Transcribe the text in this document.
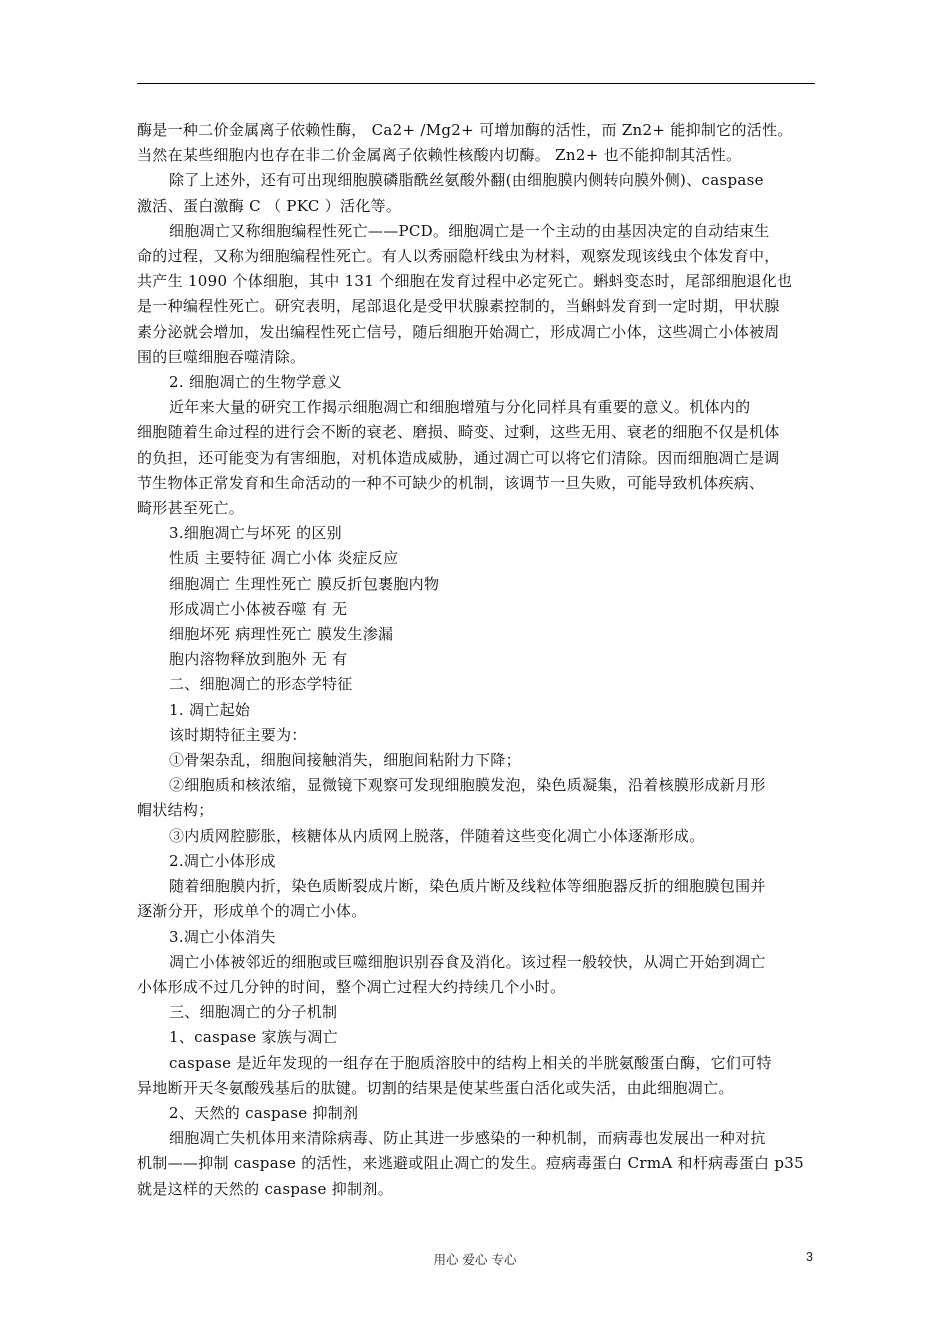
酶是一种二价金属离子依赖性酶， Ca2+ /Mg2+ 可增加酶的活性，而 Zn2+ 能抑制它的活性。
当然在某些细胞内也存在非二价金属离子依赖性核酸内切酶。 Zn2+ 也不能抑制其活性。
除了上述外，还有可出现细胞膜磷脂酰丝氨酸外翻(由细胞膜内侧转向膜外侧)、caspase
激活、蛋白激酶 C （ PKC ）活化等。
细胞凋亡又称细胞编程性死亡——PCD。细胞凋亡是一个主动的由基因决定的自动结束生
命的过程，又称为细胞编程性死亡。有人以秀丽隐杆线虫为材料，观察发现该线虫个体发育中，
共产生 1090 个体细胞，其中 131 个细胞在发育过程中必定死亡。蝌蚪变态时，尾部细胞退化也
是一种编程性死亡。研究表明，尾部退化是受甲状腺素控制的，当蝌蚪发育到一定时期，甲状腺
素分泌就会增加，发出编程性死亡信号，随后细胞开始凋亡，形成凋亡小体，这些凋亡小体被周
围的巨噬细胞吞噬清除。
2. 细胞凋亡的生物学意义
近年来大量的研究工作揭示细胞凋亡和细胞增殖与分化同样具有重要的意义。机体内的
细胞随着生命过程的进行会不断的衰老、磨损、畸变、过剩，这些无用、衰老的细胞不仅是机体
的负担，还可能变为有害细胞，对机体造成威胁，通过凋亡可以将它们清除。因而细胞凋亡是调
节生物体正常发育和生命活动的一种不可缺少的机制，该调节一旦失败，可能导致机体疾病、
畸形甚至死亡。
3.细胞凋亡与坏死 的区别
性质 主要特征 凋亡小体 炎症反应
细胞凋亡 生理性死亡 膜反折包裹胞内物
形成凋亡小体被吞噬 有 无
细胞坏死 病理性死亡 膜发生渗漏
胞内溶物释放到胞外 无 有
二、细胞凋亡的形态学特征
1. 凋亡起始
该时期特征主要为：
①骨架杂乱，细胞间接触消失，细胞间粘附力下降；
②细胞质和核浓缩，显微镜下观察可发现细胞膜发泡，染色质凝集，沿着核膜形成新月形
帽状结构；
③内质网腔膨胀，核糖体从内质网上脱落，伴随着这些变化凋亡小体逐渐形成。
2.凋亡小体形成
随着细胞膜内折，染色质断裂成片断，染色质片断及线粒体等细胞器反折的细胞膜包围并
逐渐分开，形成单个的凋亡小体。
3.凋亡小体消失
凋亡小体被邻近的细胞或巨噬细胞识别吞食及消化。该过程一般较快，从凋亡开始到凋亡
小体形成不过几分钟的时间，整个凋亡过程大约持续几个小时。
三、细胞凋亡的分子机制
1、caspase 家族与凋亡
caspase 是近年发现的一组存在于胞质溶胶中的结构上相关的半胱氨酸蛋白酶，它们可特
异地断开天冬氨酸残基后的肽键。切割的结果是使某些蛋白活化或失活，由此细胞凋亡。
2、天然的 caspase 抑制剂
细胞凋亡失机体用来清除病毒、防止其进一步感染的一种机制，而病毒也发展出一种对抗
机制——抑制 caspase 的活性，来逃避或阻止凋亡的发生。痘病毒蛋白 CrmA 和杆病毒蛋白 p35
就是这样的天然的 caspase 抑制剂。
用心 爱心 专心	3
